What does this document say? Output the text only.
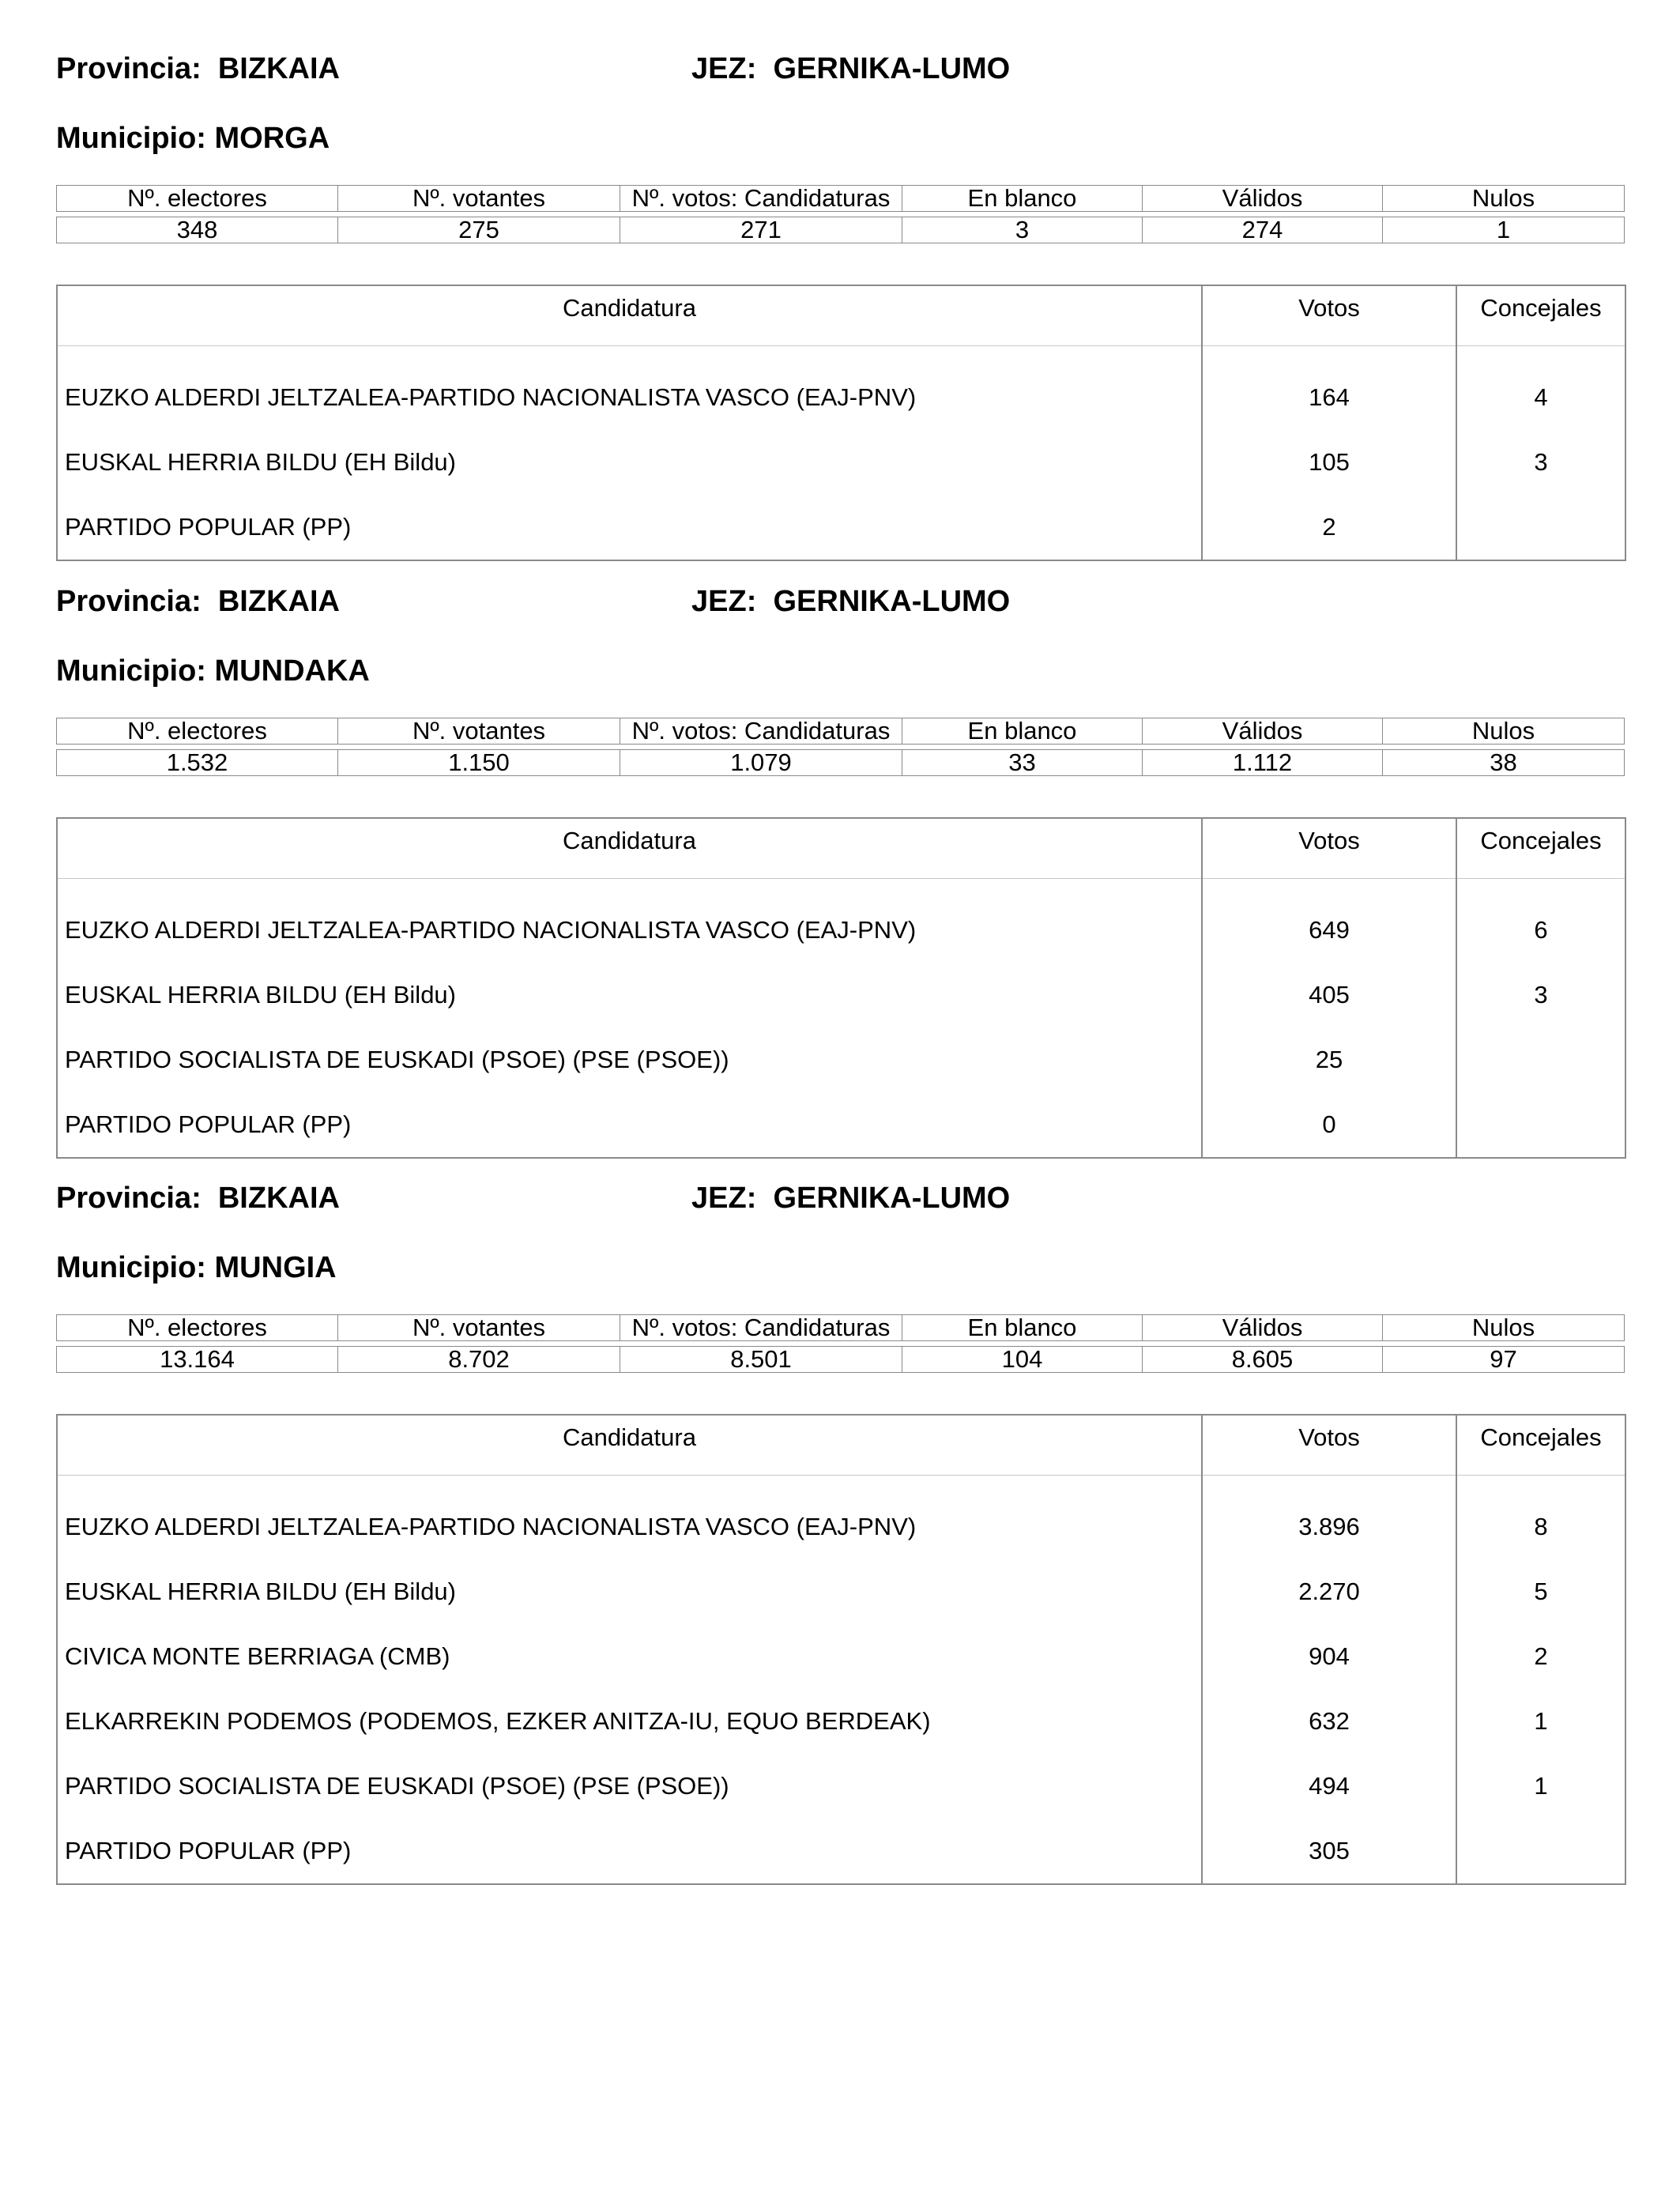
Provincia: BIZKAIA	JEZ: GERNIKA-LUMO
Municipio: MORGA
Nº. electores	Nº. votantes	Nº. votos: Candidaturas	En blanco	Válidos	Nulos
348	275	271	3	274	1
Candidatura	Votos	Concejales
EUZKO ALDERDI JELTZALEA-PARTIDO NACIONALISTA VASCO (EAJ-PNV)	164	4
EUSKAL HERRIA BILDU (EH Bildu)	105	3
PARTIDO POPULAR (PP)	2	
Provincia: BIZKAIA	JEZ: GERNIKA-LUMO
Municipio: MUNDAKA
Nº. electores	Nº. votantes	Nº. votos: Candidaturas	En blanco	Válidos	Nulos
1.532	1.150	1.079	33	1.112	38
Candidatura	Votos	Concejales
EUZKO ALDERDI JELTZALEA-PARTIDO NACIONALISTA VASCO (EAJ-PNV)	649	6
EUSKAL HERRIA BILDU (EH Bildu)	405	3
PARTIDO SOCIALISTA DE EUSKADI (PSOE) (PSE (PSOE))	25	
PARTIDO POPULAR (PP)	0	
Provincia: BIZKAIA	JEZ: GERNIKA-LUMO
Municipio: MUNGIA
Nº. electores	Nº. votantes	Nº. votos: Candidaturas	En blanco	Válidos	Nulos
13.164	8.702	8.501	104	8.605	97
Candidatura	Votos	Concejales
EUZKO ALDERDI JELTZALEA-PARTIDO NACIONALISTA VASCO (EAJ-PNV)	3.896	8
EUSKAL HERRIA BILDU (EH Bildu)	2.270	5
CIVICA MONTE BERRIAGA (CMB)	904	2
ELKARREKIN PODEMOS (PODEMOS, EZKER ANITZA-IU, EQUO BERDEAK)	632	1
PARTIDO SOCIALISTA DE EUSKADI (PSOE) (PSE (PSOE))	494	1
PARTIDO POPULAR (PP)	305	
